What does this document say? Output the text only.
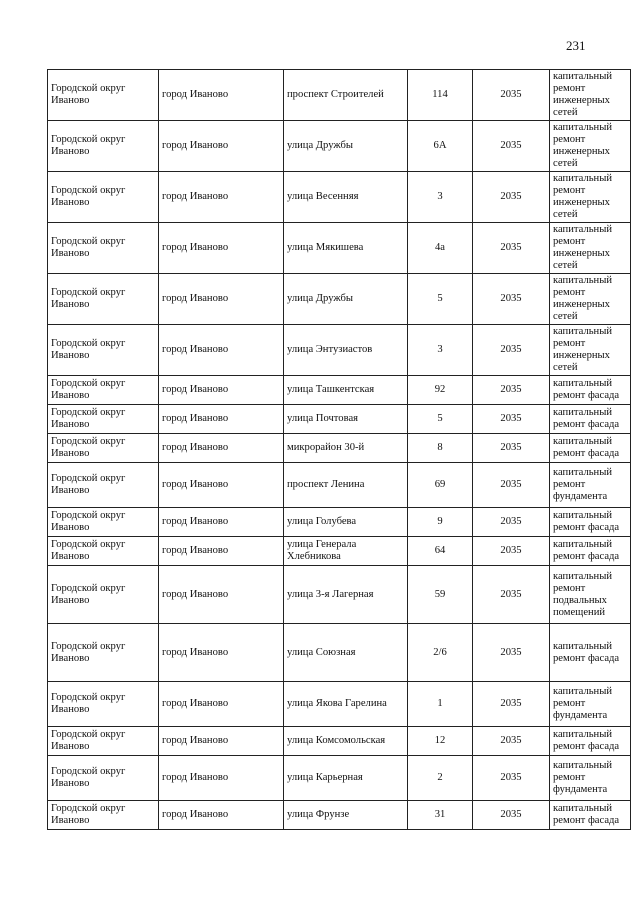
231
Городской округ Иваново	город Иваново	проспект Строителей	114	2035	капитальный ремонт инженерных сетей
Городской округ Иваново	город Иваново	улица Дружбы	6А	2035	капитальный ремонт инженерных сетей
Городской округ Иваново	город Иваново	улица Весенняя	3	2035	капитальный ремонт инженерных сетей
Городской округ Иваново	город Иваново	улица Мякишева	4а	2035	капитальный ремонт инженерных сетей
Городской округ Иваново	город Иваново	улица Дружбы	5	2035	капитальный ремонт инженерных сетей
Городской округ Иваново	город Иваново	улица Энтузиастов	3	2035	капитальный ремонт инженерных сетей
Городской округ Иваново	город Иваново	улица Ташкентская	92	2035	капитальный ремонт фасада
Городской округ Иваново	город Иваново	улица Почтовая	5	2035	капитальный ремонт фасада
Городской округ Иваново	город Иваново	микрорайон 30-й	8	2035	капитальный ремонт фасада
Городской округ Иваново	город Иваново	проспект Ленина	69	2035	капитальный ремонт фундамента
Городской округ Иваново	город Иваново	улица Голубева	9	2035	капитальный ремонт фасада
Городской округ Иваново	город Иваново	улица Генерала Хлебникова	64	2035	капитальный ремонт фасада
Городской округ Иваново	город Иваново	улица 3-я Лагерная	59	2035	капитальный ремонт подвальных помещений
Городской округ Иваново	город Иваново	улица Союзная	2/6	2035	капитальный ремонт фасада
Городской округ Иваново	город Иваново	улица Якова Гарелина	1	2035	капитальный ремонт фундамента
Городской округ Иваново	город Иваново	улица Комсомольская	12	2035	капитальный ремонт фасада
Городской округ Иваново	город Иваново	улица Карьерная	2	2035	капитальный ремонт фундамента
Городской округ Иваново	город Иваново	улица Фрунзе	31	2035	капитальный ремонт фасада
